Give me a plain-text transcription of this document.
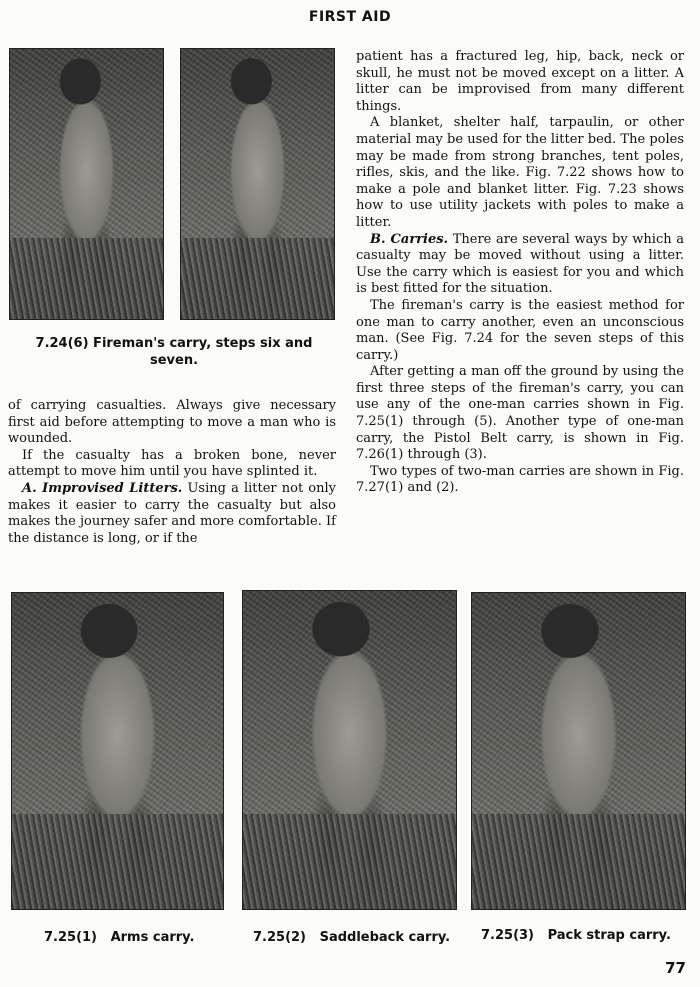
FIRST AID
7.24(6) Fireman's carry, steps six and seven.

of carrying casualties. Always give necessary first aid before attempting to move a man who is wounded.

If the casualty has a broken bone, never attempt to move him until you have splinted it.

A. Improvised Litters. Using a litter not only makes it easier to carry the casualty but also makes the journey safer and more comfortable. If the distance is long, or if the

patient has a fractured leg, hip, back, neck or skull, he must not be moved except on a litter. A litter can be improvised from many different things.

A blanket, shelter half, tarpaulin, or other material may be used for the litter bed. The poles may be made from strong branches, tent poles, rifles, skis, and the like. Fig. 7.22 shows how to make a pole and blanket litter. Fig. 7.23 shows how to use utility jackets with poles to make a litter.

B. Carries. There are several ways by which a casualty may be moved without using a litter. Use the carry which is easiest for you and which is best fitted for the situation.

The fireman's carry is the easiest method for one man to carry another, even an unconscious man. (See Fig. 7.24 for the seven steps of this carry.)

After getting a man off the ground by using the first three steps of the fireman's carry, you can use any of the one-man carries shown in Fig. 7.25(1) through (5). Another type of one-man carry, the Pistol Belt carry, is shown in Fig. 7.26(1) through (3).

Two types of two-man carries are shown in Fig. 7.27(1) and (2).

7.25(1)   Arms carry.	7.25(2)   Saddleback carry. 7.25(3)   Pack strap carry.
77
